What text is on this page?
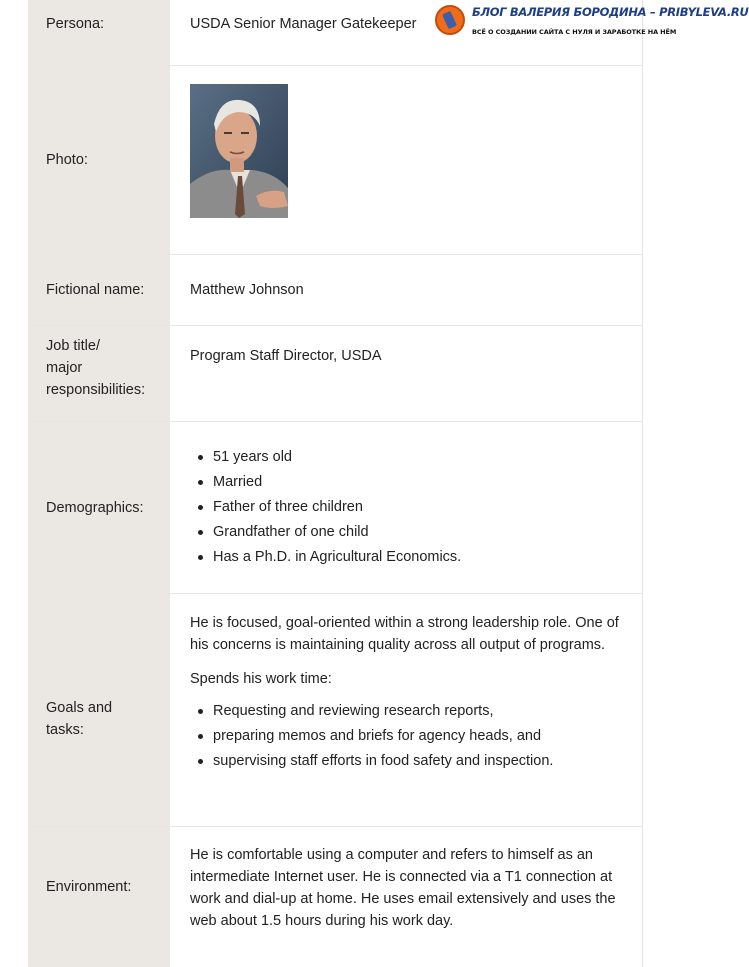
Persona:	USDA Senior Manager Gatekeeper
Photo:
Fictional name:	Matthew Johnson
Job title/
major
responsibilities:
Program Staff Director, USDA
Demographics:
51 years old
Married
Father of three children
Grandfather of one child
Has a Ph.D. in Agricultural Economics.
Goals and
tasks:

He is focused, goal-oriented within a strong leadership role. One of his concerns is maintaining quality across all output of programs.

Spends his work time:

Requesting and reviewing research reports,
preparing memos and briefs for agency heads, and
supervising staff efforts in food safety and inspection.
Environment:

He is comfortable using a computer and refers to himself as an intermediate Internet user. He is connected via a T1 connection at work and dial-up at home. He uses email extensively and uses the web about 1.5 hours during his work day.

БЛОГ ВАЛЕРИЯ БОРОДИНА – PRIBYLEVA.RU
ВСЁ О СОЗДАНИИ САЙТА С НУЛЯ И ЗАРАБОТКЕ НА НЁМ
